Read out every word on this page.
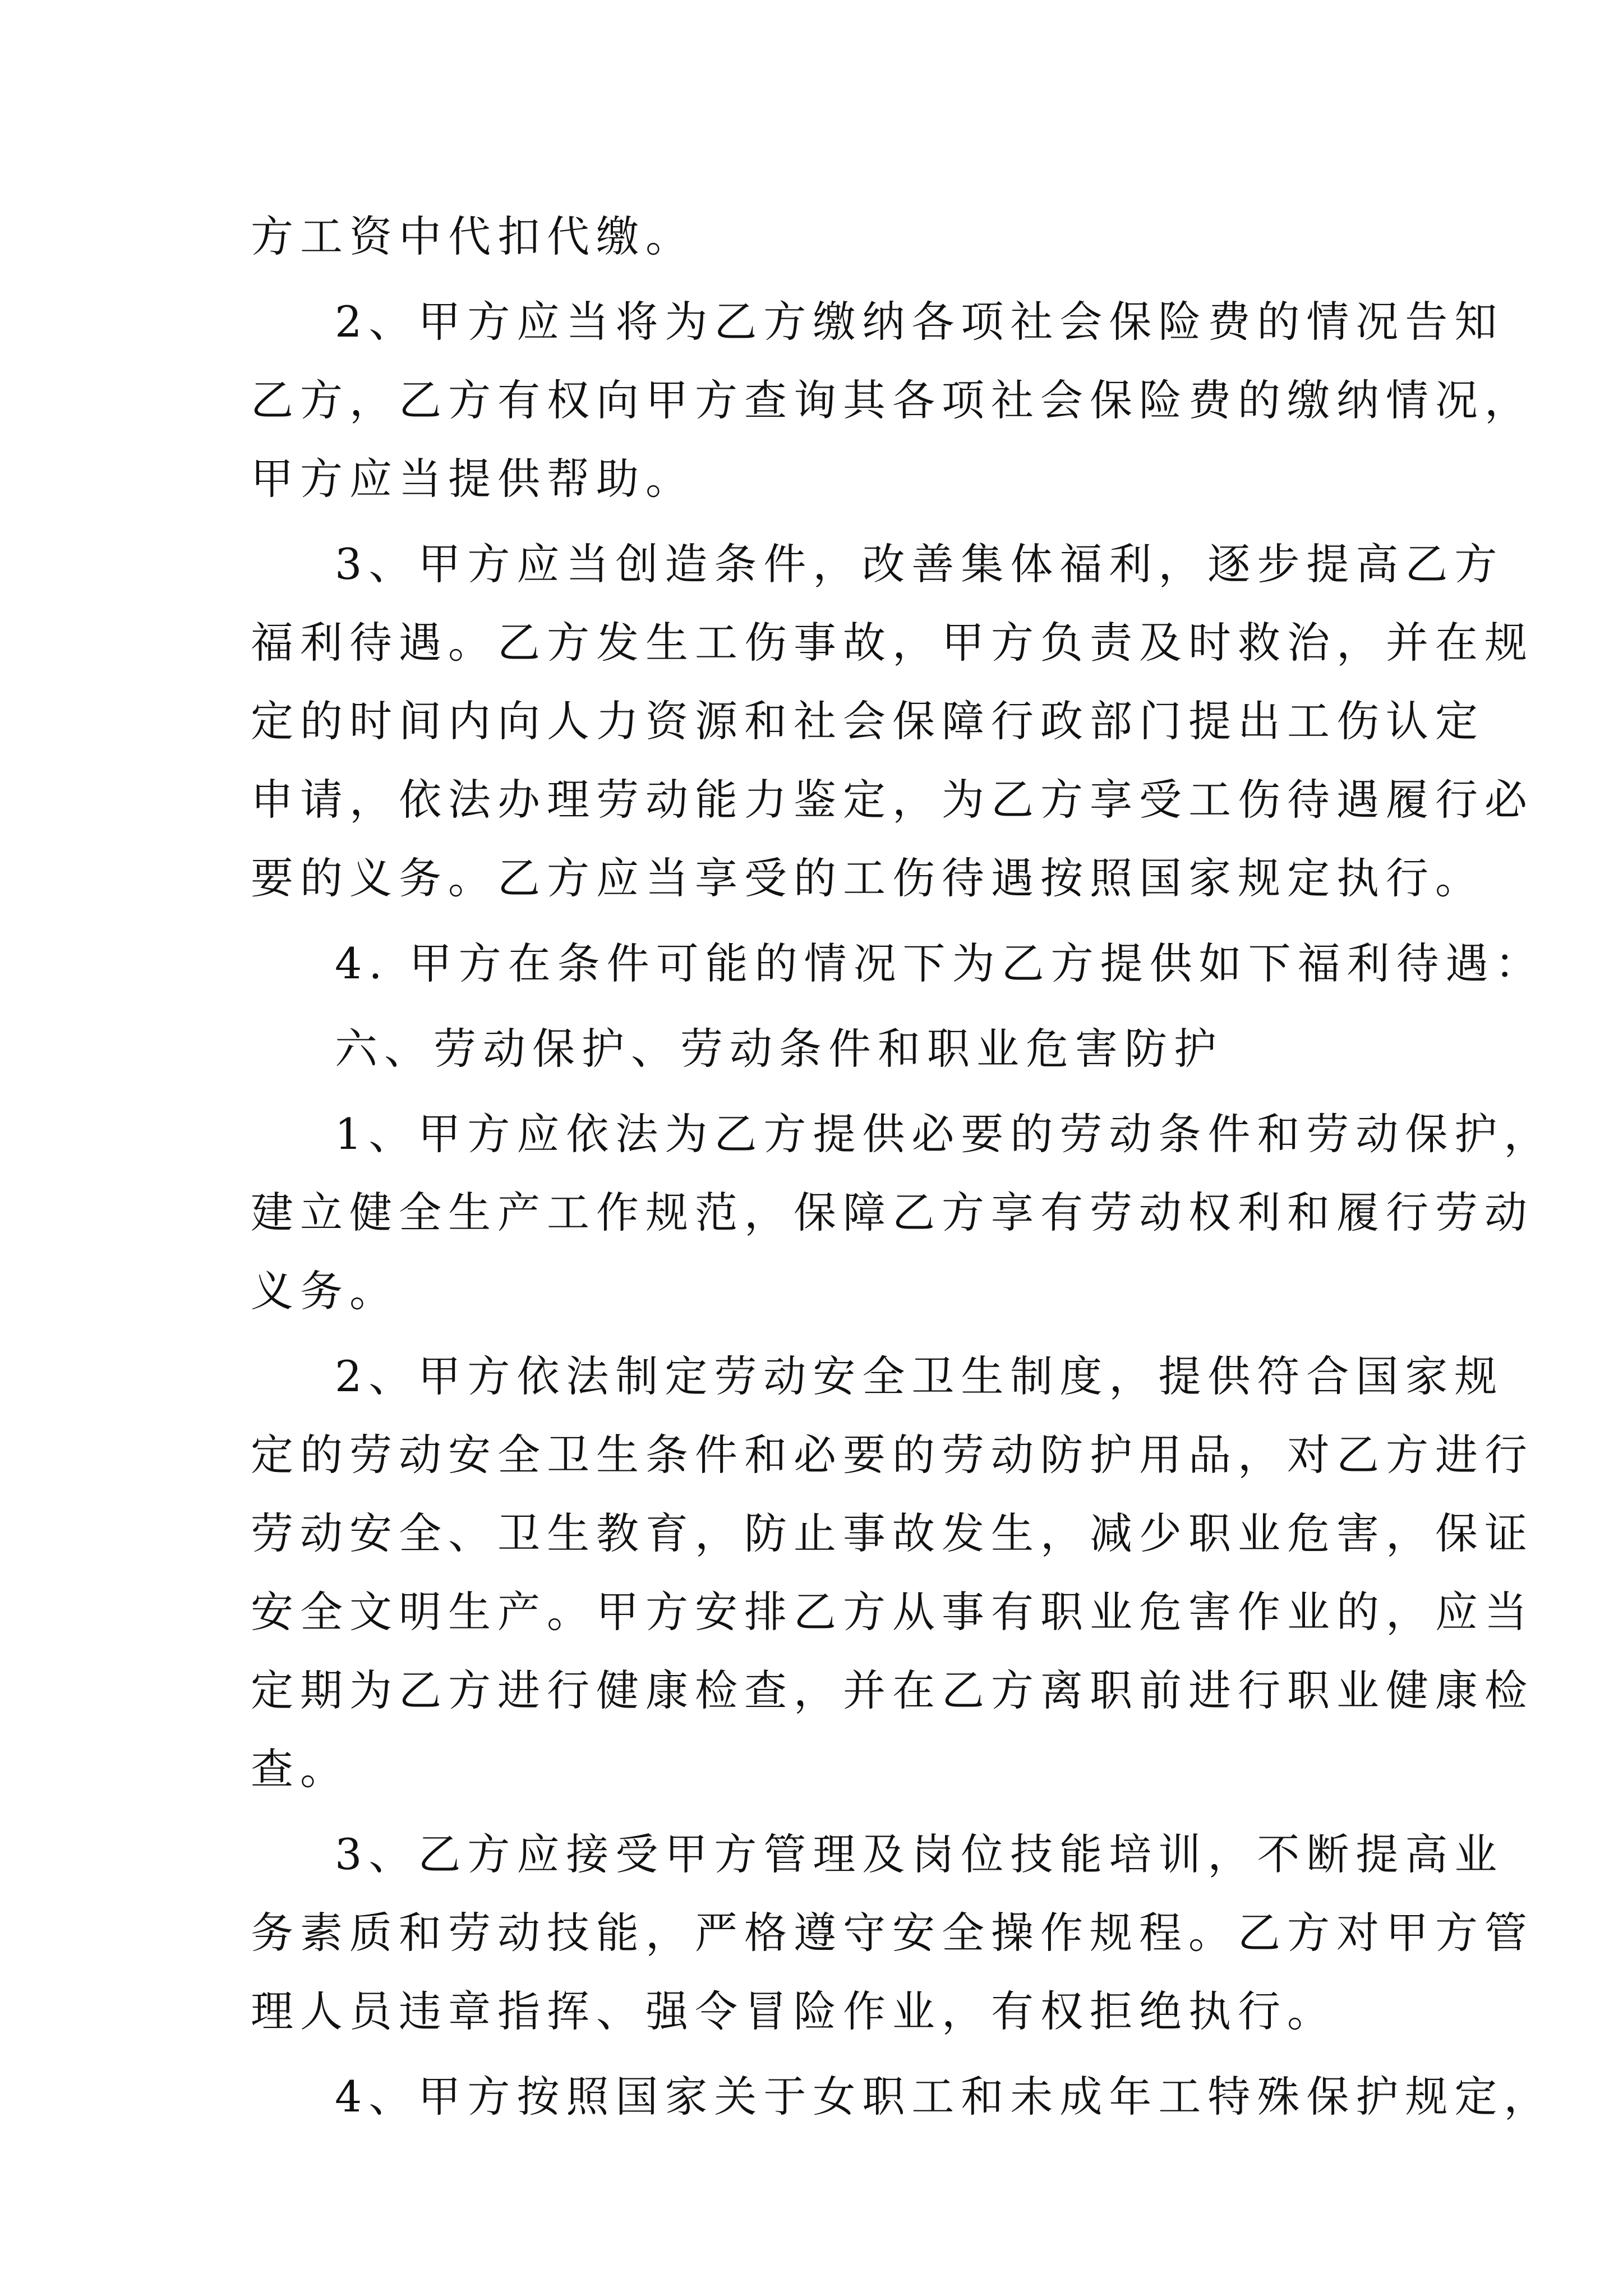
方工资中代扣代缴。
2、甲方应当将为乙方缴纳各项社会保险费的情况告知
乙方，乙方有权向甲方查询其各项社会保险费的缴纳情况，
甲方应当提供帮助。
3、甲方应当创造条件，改善集体福利，逐步提高乙方
福利待遇。乙方发生工伤事故，甲方负责及时救治，并在规
定的时间内向人力资源和社会保障行政部门提出工伤认定
申请，依法办理劳动能力鉴定，为乙方享受工伤待遇履行必
要的义务。乙方应当享受的工伤待遇按照国家规定执行。
4. 甲方在条件可能的情况下为乙方提供如下福利待遇：
六、劳动保护、劳动条件和职业危害防护
1、甲方应依法为乙方提供必要的劳动条件和劳动保护，
建立健全生产工作规范，保障乙方享有劳动权利和履行劳动
义务。
2、甲方依法制定劳动安全卫生制度，提供符合国家规
定的劳动安全卫生条件和必要的劳动防护用品，对乙方进行
劳动安全、卫生教育，防止事故发生，减少职业危害，保证
安全文明生产。甲方安排乙方从事有职业危害作业的，应当
定期为乙方进行健康检查，并在乙方离职前进行职业健康检
查。
3、乙方应接受甲方管理及岗位技能培训，不断提高业
务素质和劳动技能，严格遵守安全操作规程。乙方对甲方管
理人员违章指挥、强令冒险作业，有权拒绝执行。
4、甲方按照国家关于女职工和未成年工特殊保护规定，
